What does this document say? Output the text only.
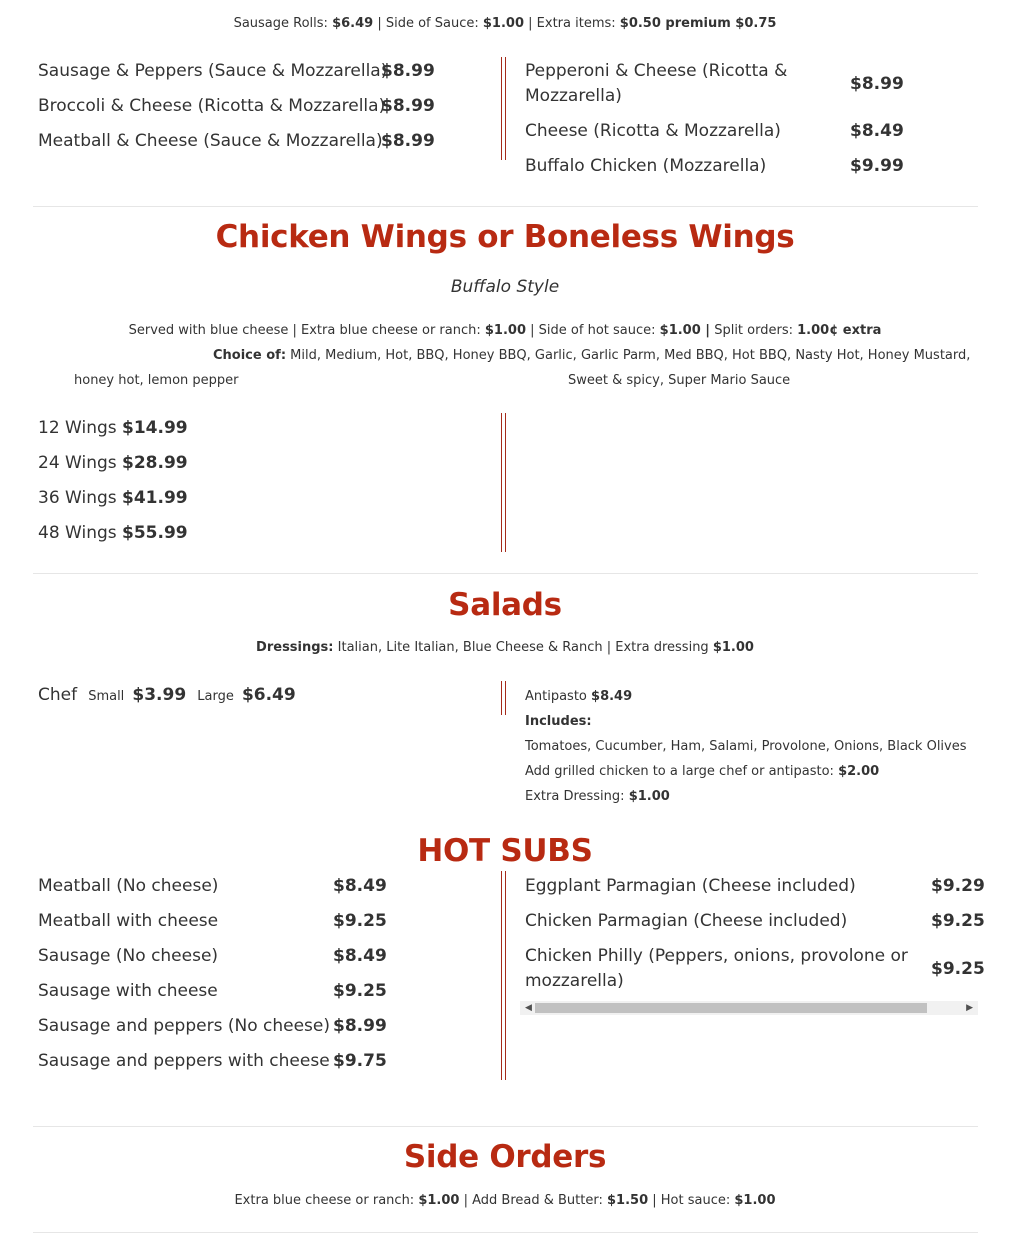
Sausage Rolls: $6.49 | Side of Sauce: $1.00 | Extra items: $0.50 premium $0.75
Sausage & Peppers (Sauce & Mozzarella)
$8.99
Broccoli & Cheese (Ricotta & Mozzarella)
$8.99
Meatball & Cheese (Sauce & Mozzarella)
$8.99
Pepperoni & Cheese (Ricotta &
Mozzarella)
$8.99
Cheese (Ricotta & Mozzarella)	$8.49
Buffalo Chicken (Mozzarella)	$9.99
Chicken Wings or Boneless Wings
Buffalo Style
Served with blue cheese | Extra blue cheese or ranch: $1.00 | Side of hot sauce: $1.00 | Split orders: 1.00¢ extra
Choice of: Mild, Medium, Hot, BBQ, Honey BBQ, Garlic, Garlic Parm, Med BBQ, Hot BBQ, Nasty Hot, Honey Mustard,
honey hot, lemon pepper	Sweet & spicy, Super Mario Sauce
12 Wings $14.99
24 Wings $28.99
36 Wings $41.99
48 Wings $55.99
Salads
Dressings: Italian, Lite Italian, Blue Cheese & Ranch | Extra dressing $1.00
Chef Small $3.99 Large $6.49	Antipasto $8.49
Includes:
Tomatoes, Cucumber, Ham, Salami, Provolone, Onions, Black Olives
Add grilled chicken to a large chef or antipasto: $2.00
Extra Dressing: $1.00
HOT SUBS
Meatball (No cheese)	$8.49
Meatball with cheese	$9.25
Sausage (No cheese)	$8.49
Sausage with cheese	$9.25
Sausage and peppers (No cheese) $8.99
Sausage and peppers with cheese $9.75
Eggplant Parmagian (Cheese included)	$9.29
Chicken Parmagian (Cheese included)	$9.25
Chicken Philly (Peppers, onions, provolone or
mozzarella)
$9.25
◀	▶
Side Orders
Extra blue cheese or ranch: $1.00 | Add Bread & Butter: $1.50 | Hot sauce: $1.00
